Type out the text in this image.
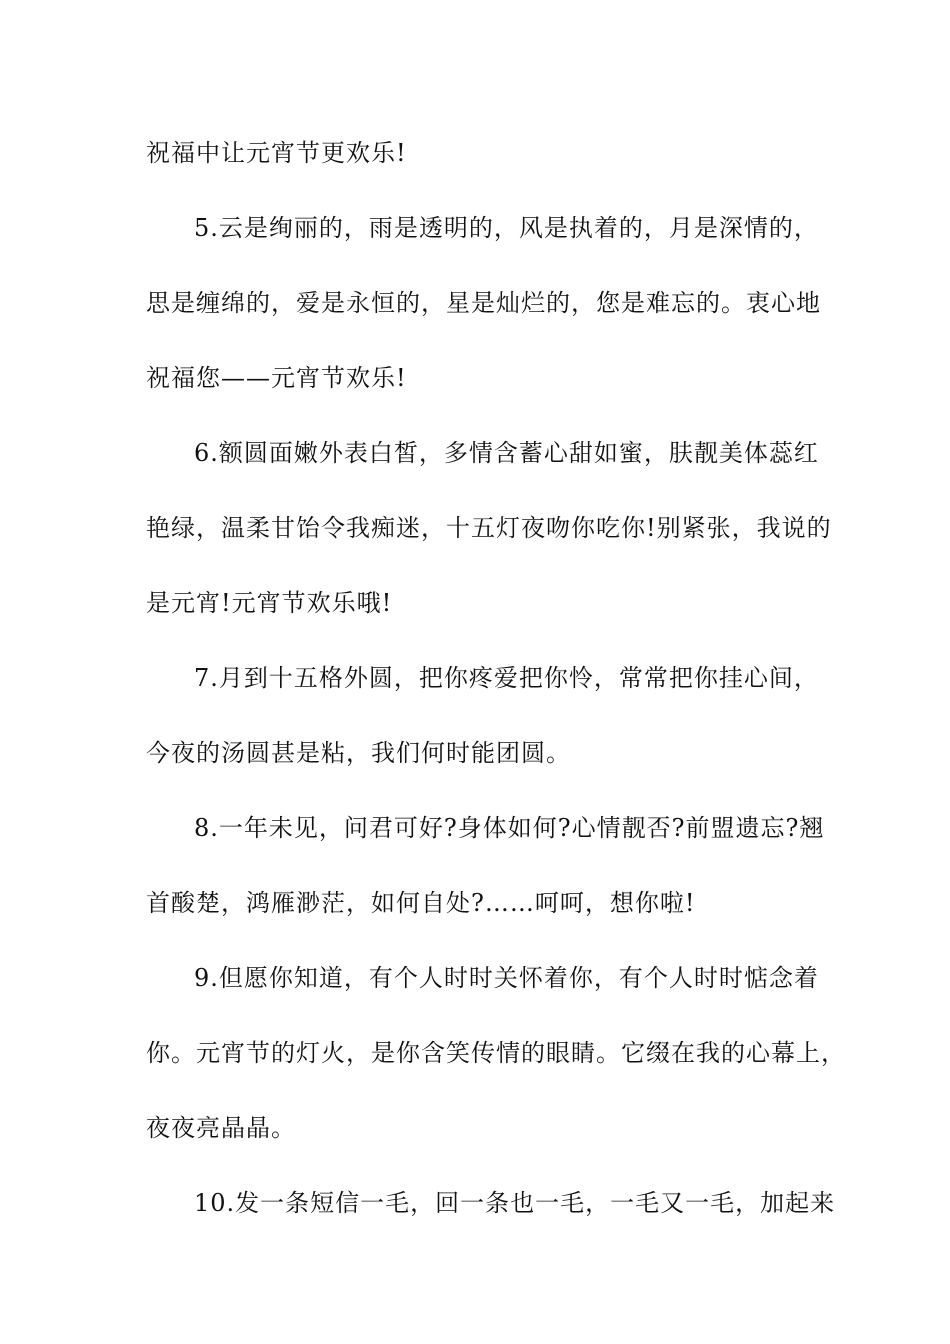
祝福中让元宵节更欢乐!
5.云是绚丽的，雨是透明的，风是执着的，月是深情的，
思是缠绵的，爱是永恒的，星是灿烂的，您是难忘的。衷心地
祝福您——元宵节欢乐!
6.额圆面嫩外表白皙，多情含蓄心甜如蜜，肤靓美体蕊红
艳绿，温柔甘饴令我痴迷，十五灯夜吻你吃你!别紧张，我说的
是元宵!元宵节欢乐哦!
7.月到十五格外圆，把你疼爱把你怜，常常把你挂心间，
今夜的汤圆甚是粘，我们何时能团圆。
8.一年未见，问君可好?身体如何?心情靓否?前盟遗忘?翘
首酸楚，鸿雁渺茫，如何自处?……呵呵，想你啦!
9.但愿你知道，有个人时时关怀着你，有个人时时惦念着
你。元宵节的灯火，是你含笑传情的眼睛。它缀在我的心幕上，
夜夜亮晶晶。
10.发一条短信一毛，回一条也一毛，一毛又一毛，加起来
